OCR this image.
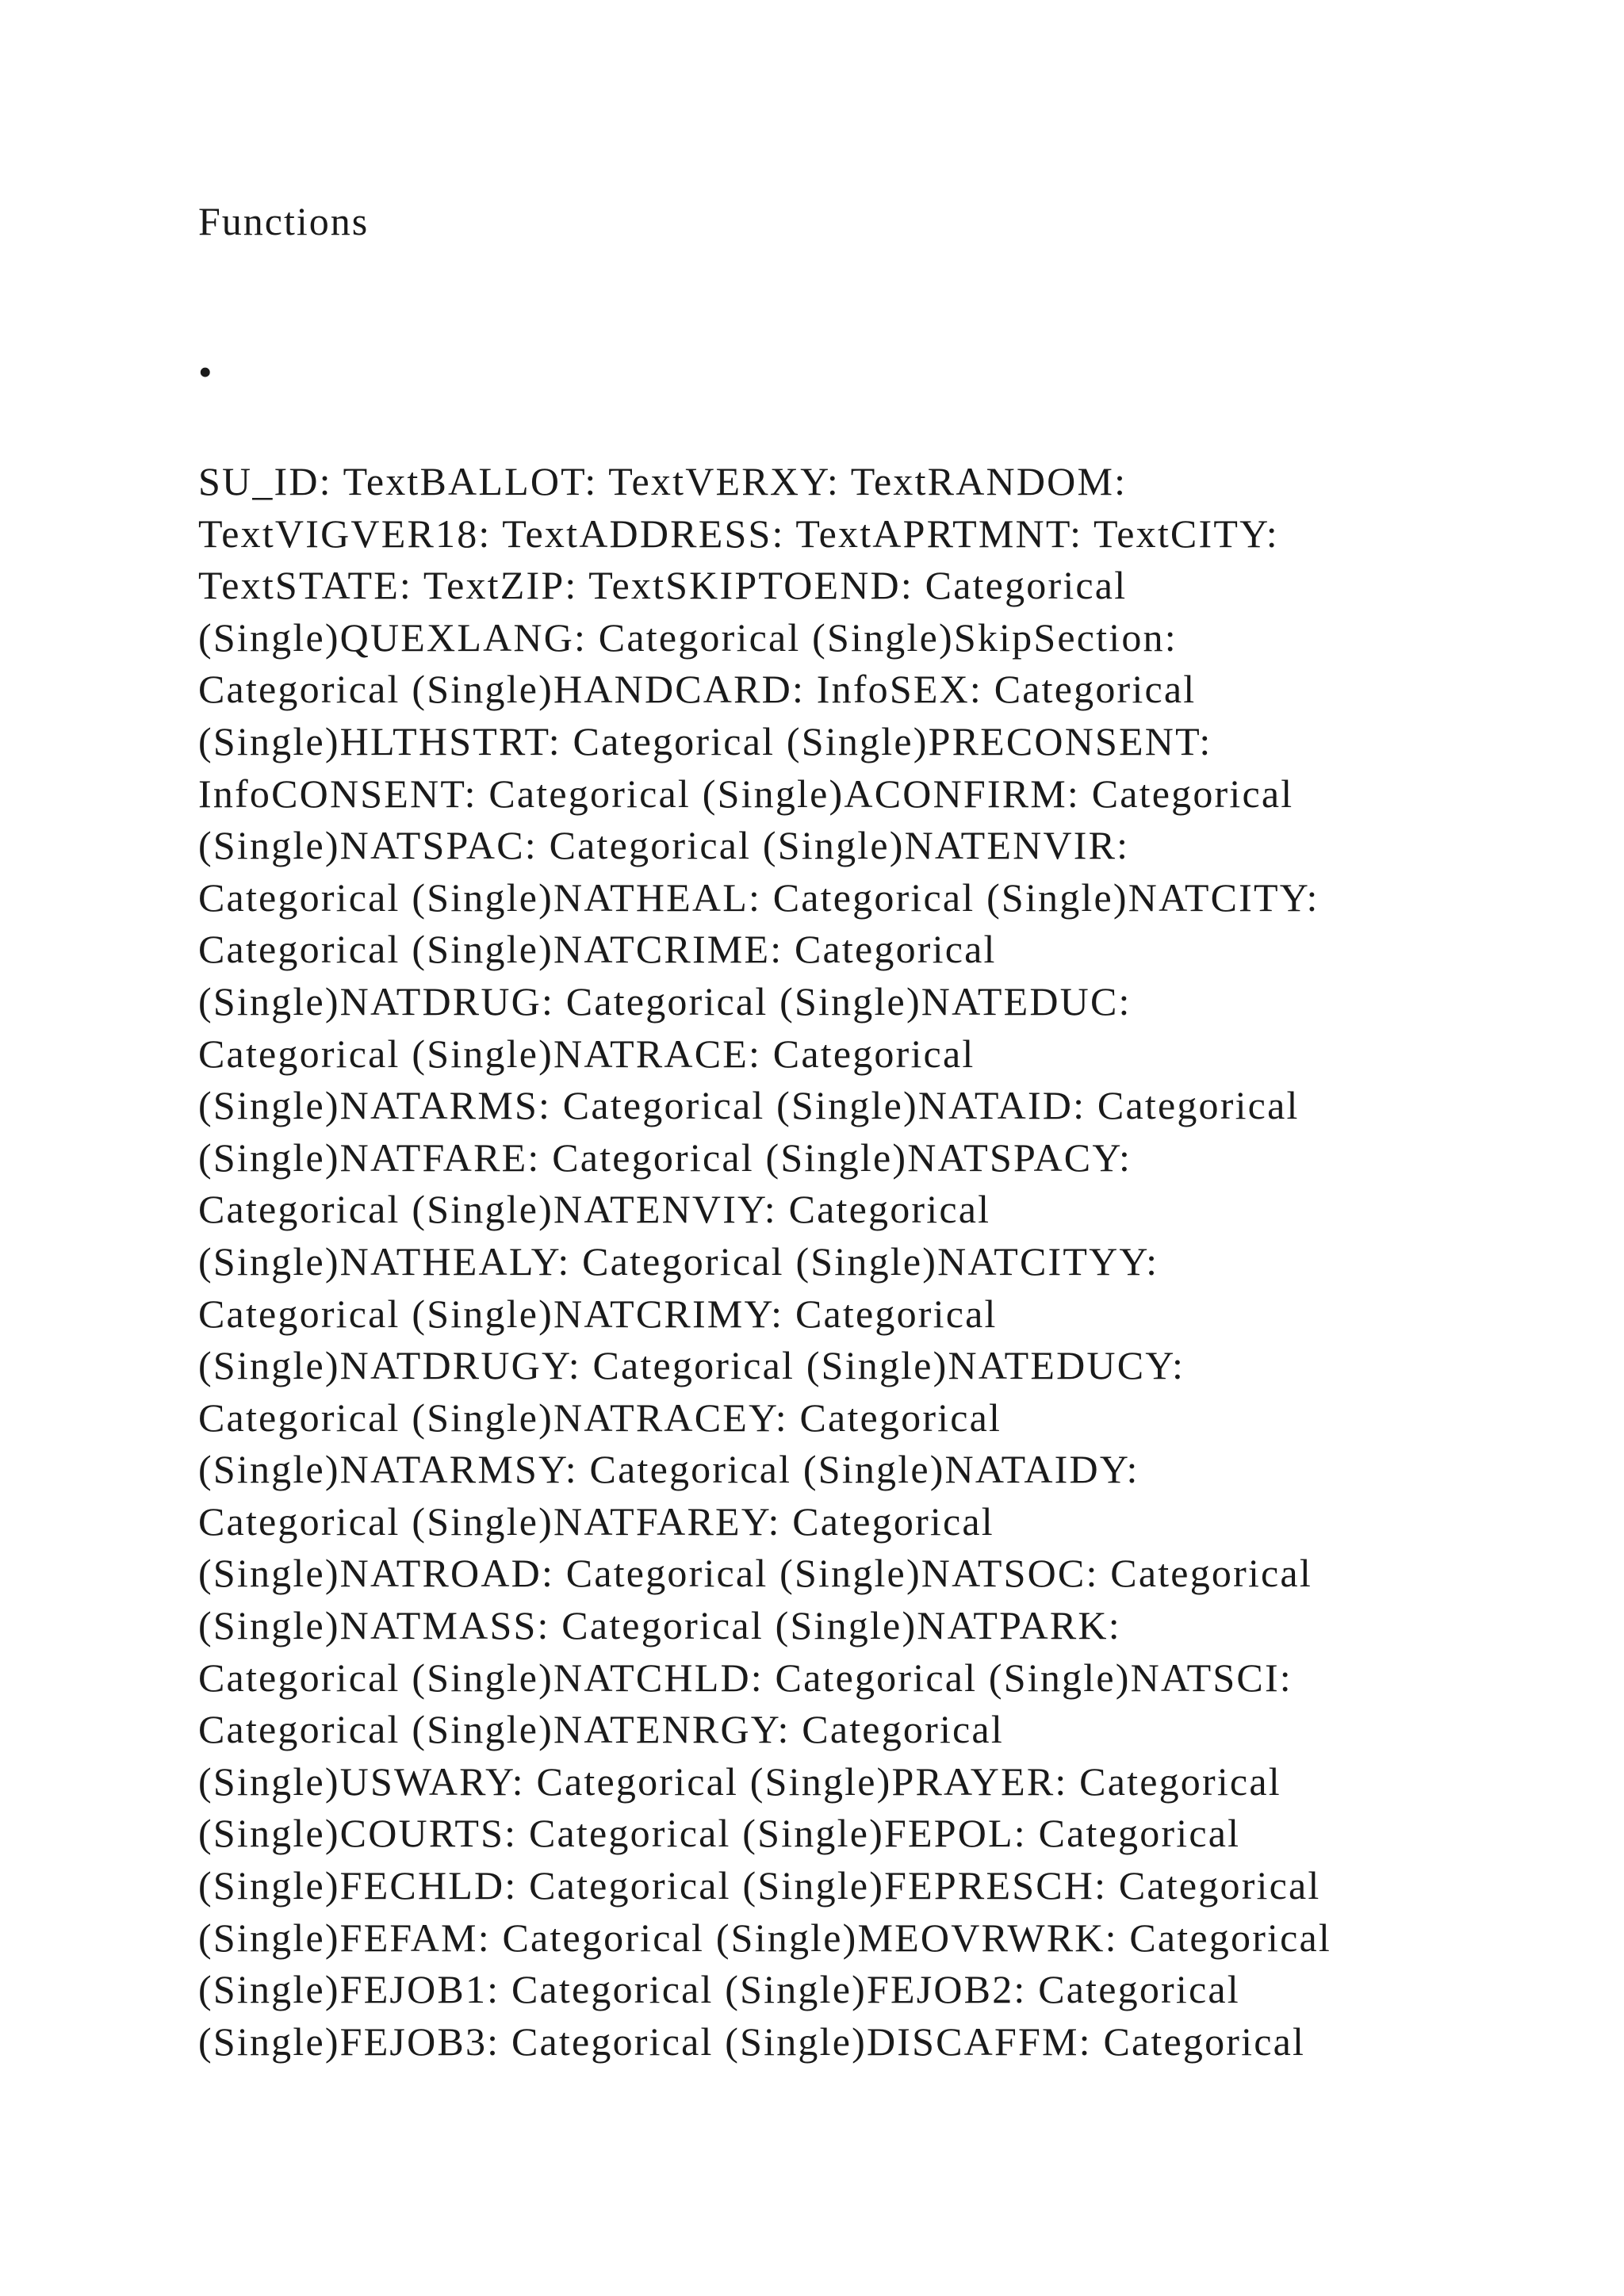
Functions
•

SU_ID: TextBALLOT: TextVERXY: TextRANDOM:
TextVIGVER18: TextADDRESS: TextAPRTMNT: TextCITY:
TextSTATE: TextZIP: TextSKIPTOEND: Categorical
(Single)QUEXLANG: Categorical (Single)SkipSection:
Categorical (Single)HANDCARD: InfoSEX: Categorical
(Single)HLTHSTRT: Categorical (Single)PRECONSENT:
InfoCONSENT: Categorical (Single)ACONFIRM: Categorical
(Single)NATSPAC: Categorical (Single)NATENVIR:
Categorical (Single)NATHEAL: Categorical (Single)NATCITY:
Categorical (Single)NATCRIME: Categorical
(Single)NATDRUG: Categorical (Single)NATEDUC:
Categorical (Single)NATRACE: Categorical
(Single)NATARMS: Categorical (Single)NATAID: Categorical
(Single)NATFARE: Categorical (Single)NATSPACY:
Categorical (Single)NATENVIY: Categorical
(Single)NATHEALY: Categorical (Single)NATCITYY:
Categorical (Single)NATCRIMY: Categorical
(Single)NATDRUGY: Categorical (Single)NATEDUCY:
Categorical (Single)NATRACEY: Categorical
(Single)NATARMSY: Categorical (Single)NATAIDY:
Categorical (Single)NATFAREY: Categorical
(Single)NATROAD: Categorical (Single)NATSOC: Categorical
(Single)NATMASS: Categorical (Single)NATPARK:
Categorical (Single)NATCHLD: Categorical (Single)NATSCI:
Categorical (Single)NATENRGY: Categorical
(Single)USWARY: Categorical (Single)PRAYER: Categorical
(Single)COURTS: Categorical (Single)FEPOL: Categorical
(Single)FECHLD: Categorical (Single)FEPRESCH: Categorical
(Single)FEFAM: Categorical (Single)MEOVRWRK: Categorical
(Single)FEJOB1: Categorical (Single)FEJOB2: Categorical
(Single)FEJOB3: Categorical (Single)DISCAFFM: Categorical
